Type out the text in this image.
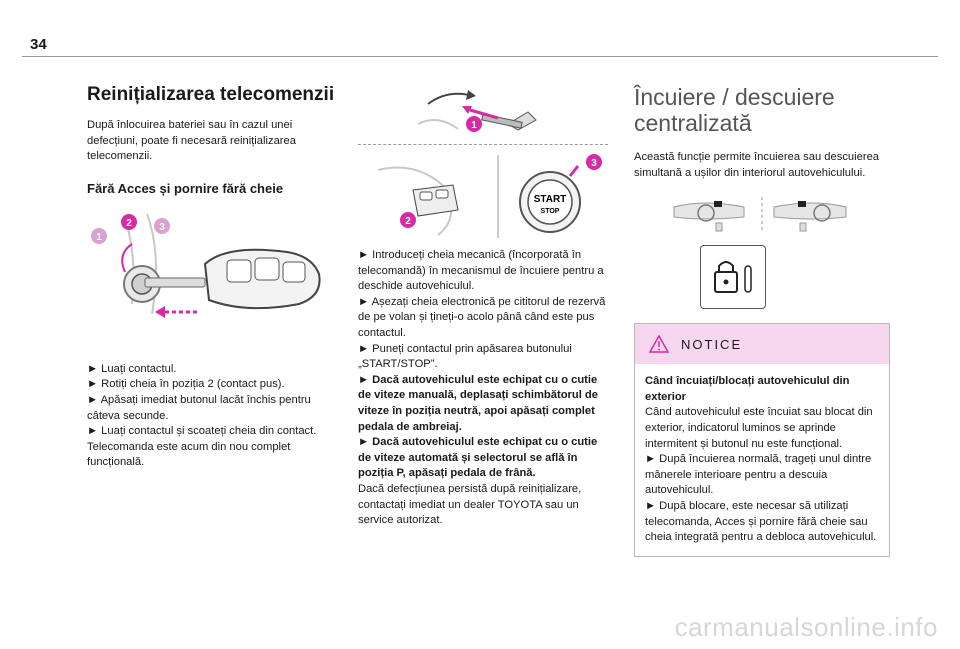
34
Reinițializarea telecomenzii

După înlocuirea bateriei sau în cazul unei defecțiuni, poate fi necesară reinițializarea telecomenzii.

Fără Acces și pornire fără cheie
1
2	3
► Luați contactul.
► Rotiți cheia în poziția 2 (contact pus).
► Apăsați imediat butonul lacăt închis pentru câteva secunde.
► Luați contactul și scoateți cheia din contact.
Telecomanda este acum din nou complet funcțională.
1
2
START
STOP
3
► Introduceți cheia mecanică (încorporată în telecomandă) în mecanismul de încuiere pentru a deschide autovehiculul.
► Așezați cheia electronică pe cititorul de rezervă de pe volan și țineți-o acolo până când este pus contactul.
► Puneți contactul prin apăsarea butonului „START/STOP”.
► Dacă autovehiculul este echipat cu o cutie de viteze manuală, deplasați schimbătorul de viteze în poziția neutră, apoi apăsați complet pedala de ambreiaj.
► Dacă autovehiculul este echipat cu o cutie de viteze automată și selectorul se află în poziția P, apăsați pedala de frână.
Dacă defecțiunea persistă după reinițializare, contactați imediat un dealer TOYOTA sau un service autorizat.
Încuiere / descuiere centralizată

Această funcție permite încuierea sau descuierea simultană a ușilor din interiorul autovehiculului.

NOTICE
Când încuiați/blocați autovehiculul din exterior
Când autovehiculul este încuiat sau blocat din exterior, indicatorul luminos se aprinde intermitent și butonul nu este funcțional.
► După încuierea normală, trageți unul dintre mânerele interioare pentru a descuia autovehiculul.
► După blocare, este necesar să utilizați telecomanda, Acces și pornire fără cheie sau cheia integrată pentru a debloca autovehiculul.
carmanualsonline.info
